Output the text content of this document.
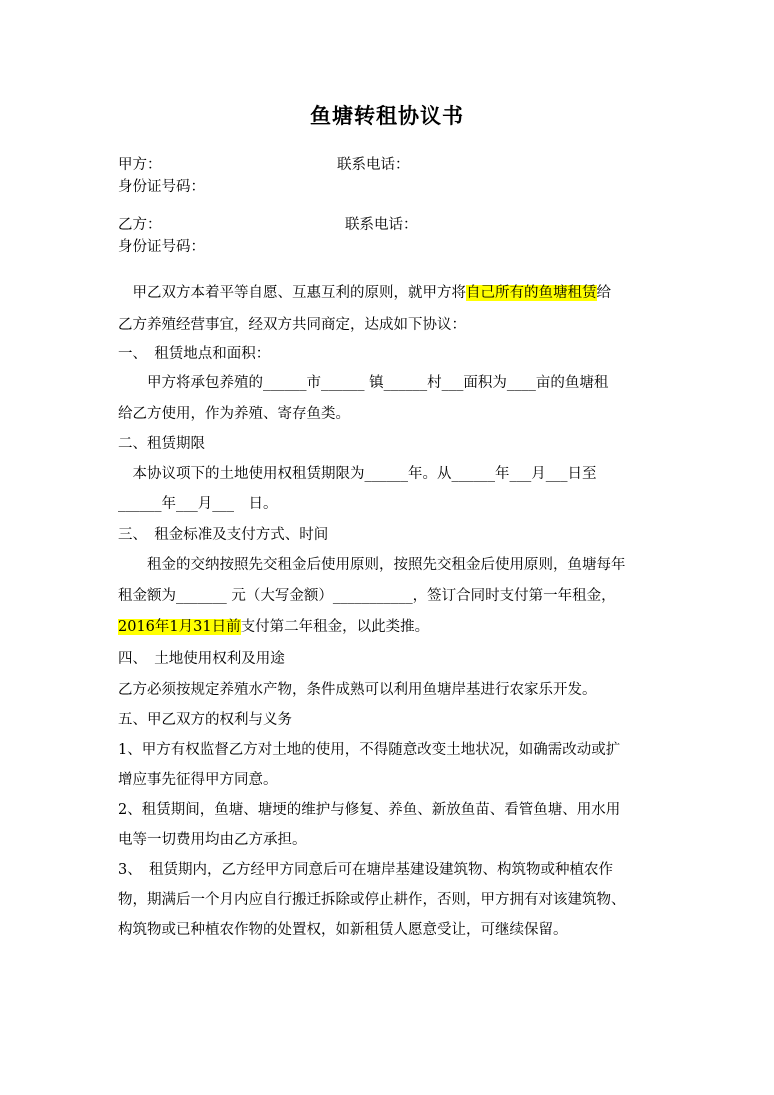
鱼塘转租协议书
甲方：	联系电话：
身份证号码：
乙方：	联系电话：
身份证号码：
　甲乙双方本着平等自愿、互惠互利的原则，就甲方将自己所有的鱼塘租赁给
乙方养殖经营事宜，经双方共同商定，达成如下协议：
一、　租赁地点和面积：
　　甲方将承包养殖的______市______ 镇______村___面积为____亩的鱼塘租
给乙方使用，作为养殖、寄存鱼类。
二、租赁期限
　本协议项下的土地使用权租赁期限为______年。从______年___月___日至
______年___月___　日。
三、　租金标准及支付方式、时间
　　租金的交纳按照先交租金后使用原则，按照先交租金后使用原则，鱼塘每年
租金额为_______ 元（大写金额）___________，签订合同时支付第一年租金，
2016年1月31日前支付第二年租金，以此类推。
四、　土地使用权利及用途
乙方必须按规定养殖水产物，条件成熟可以利用鱼塘岸基进行农家乐开发。
五、甲乙双方的权利与义务
1、甲方有权监督乙方对土地的使用，不得随意改变土地状况，如确需改动或扩
增应事先征得甲方同意。
2、租赁期间，鱼塘、塘埂的维护与修复、养鱼、新放鱼苗、看管鱼塘、用水用
电等一切费用均由乙方承担。
3、　租赁期内，乙方经甲方同意后可在塘岸基建设建筑物、构筑物或种植农作
物，期满后一个月内应自行搬迁拆除或停止耕作，否则，甲方拥有对该建筑物、
构筑物或已种植农作物的处置权，如新租赁人愿意受让，可继续保留。
